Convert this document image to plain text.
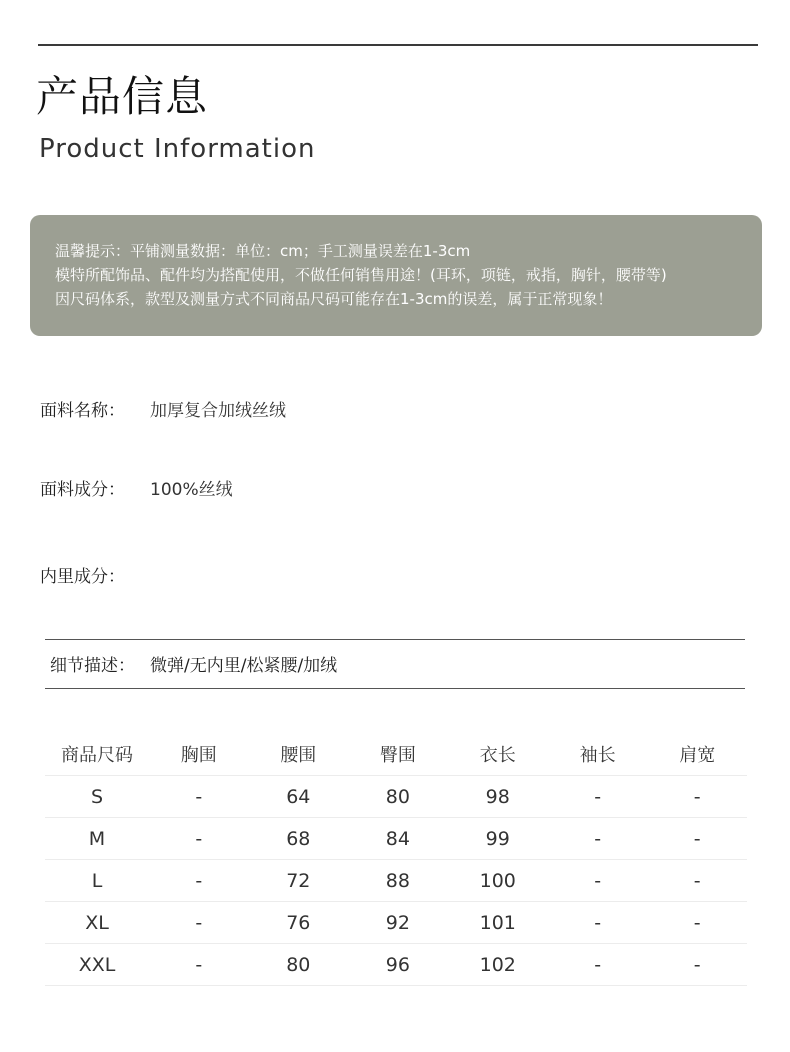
产品信息
Product Information
温馨提示：平铺测量数据：单位：cm；手工测量误差在1-3cm
模特所配饰品、配件均为搭配使用，不做任何销售用途！(耳环，项链，戒指，胸针，腰带等)
因尺码体系，款型及测量方式不同商品尺码可能存在1-3cm的误差，属于正常现象！
面料名称： 加厚复合加绒丝绒
面料成分： 100%丝绒
内里成分：
细节描述： 微弹/无内里/松紧腰/加绒
商品尺码	胸围	腰围	臀围	衣长	袖长	肩宽
S	-	64	80	98	-	-
M	-	68	84	99	-	-
L	-	72	88	100	-	-
XL	-	76	92	101	-	-
XXL	-	80	96	102	-	-
